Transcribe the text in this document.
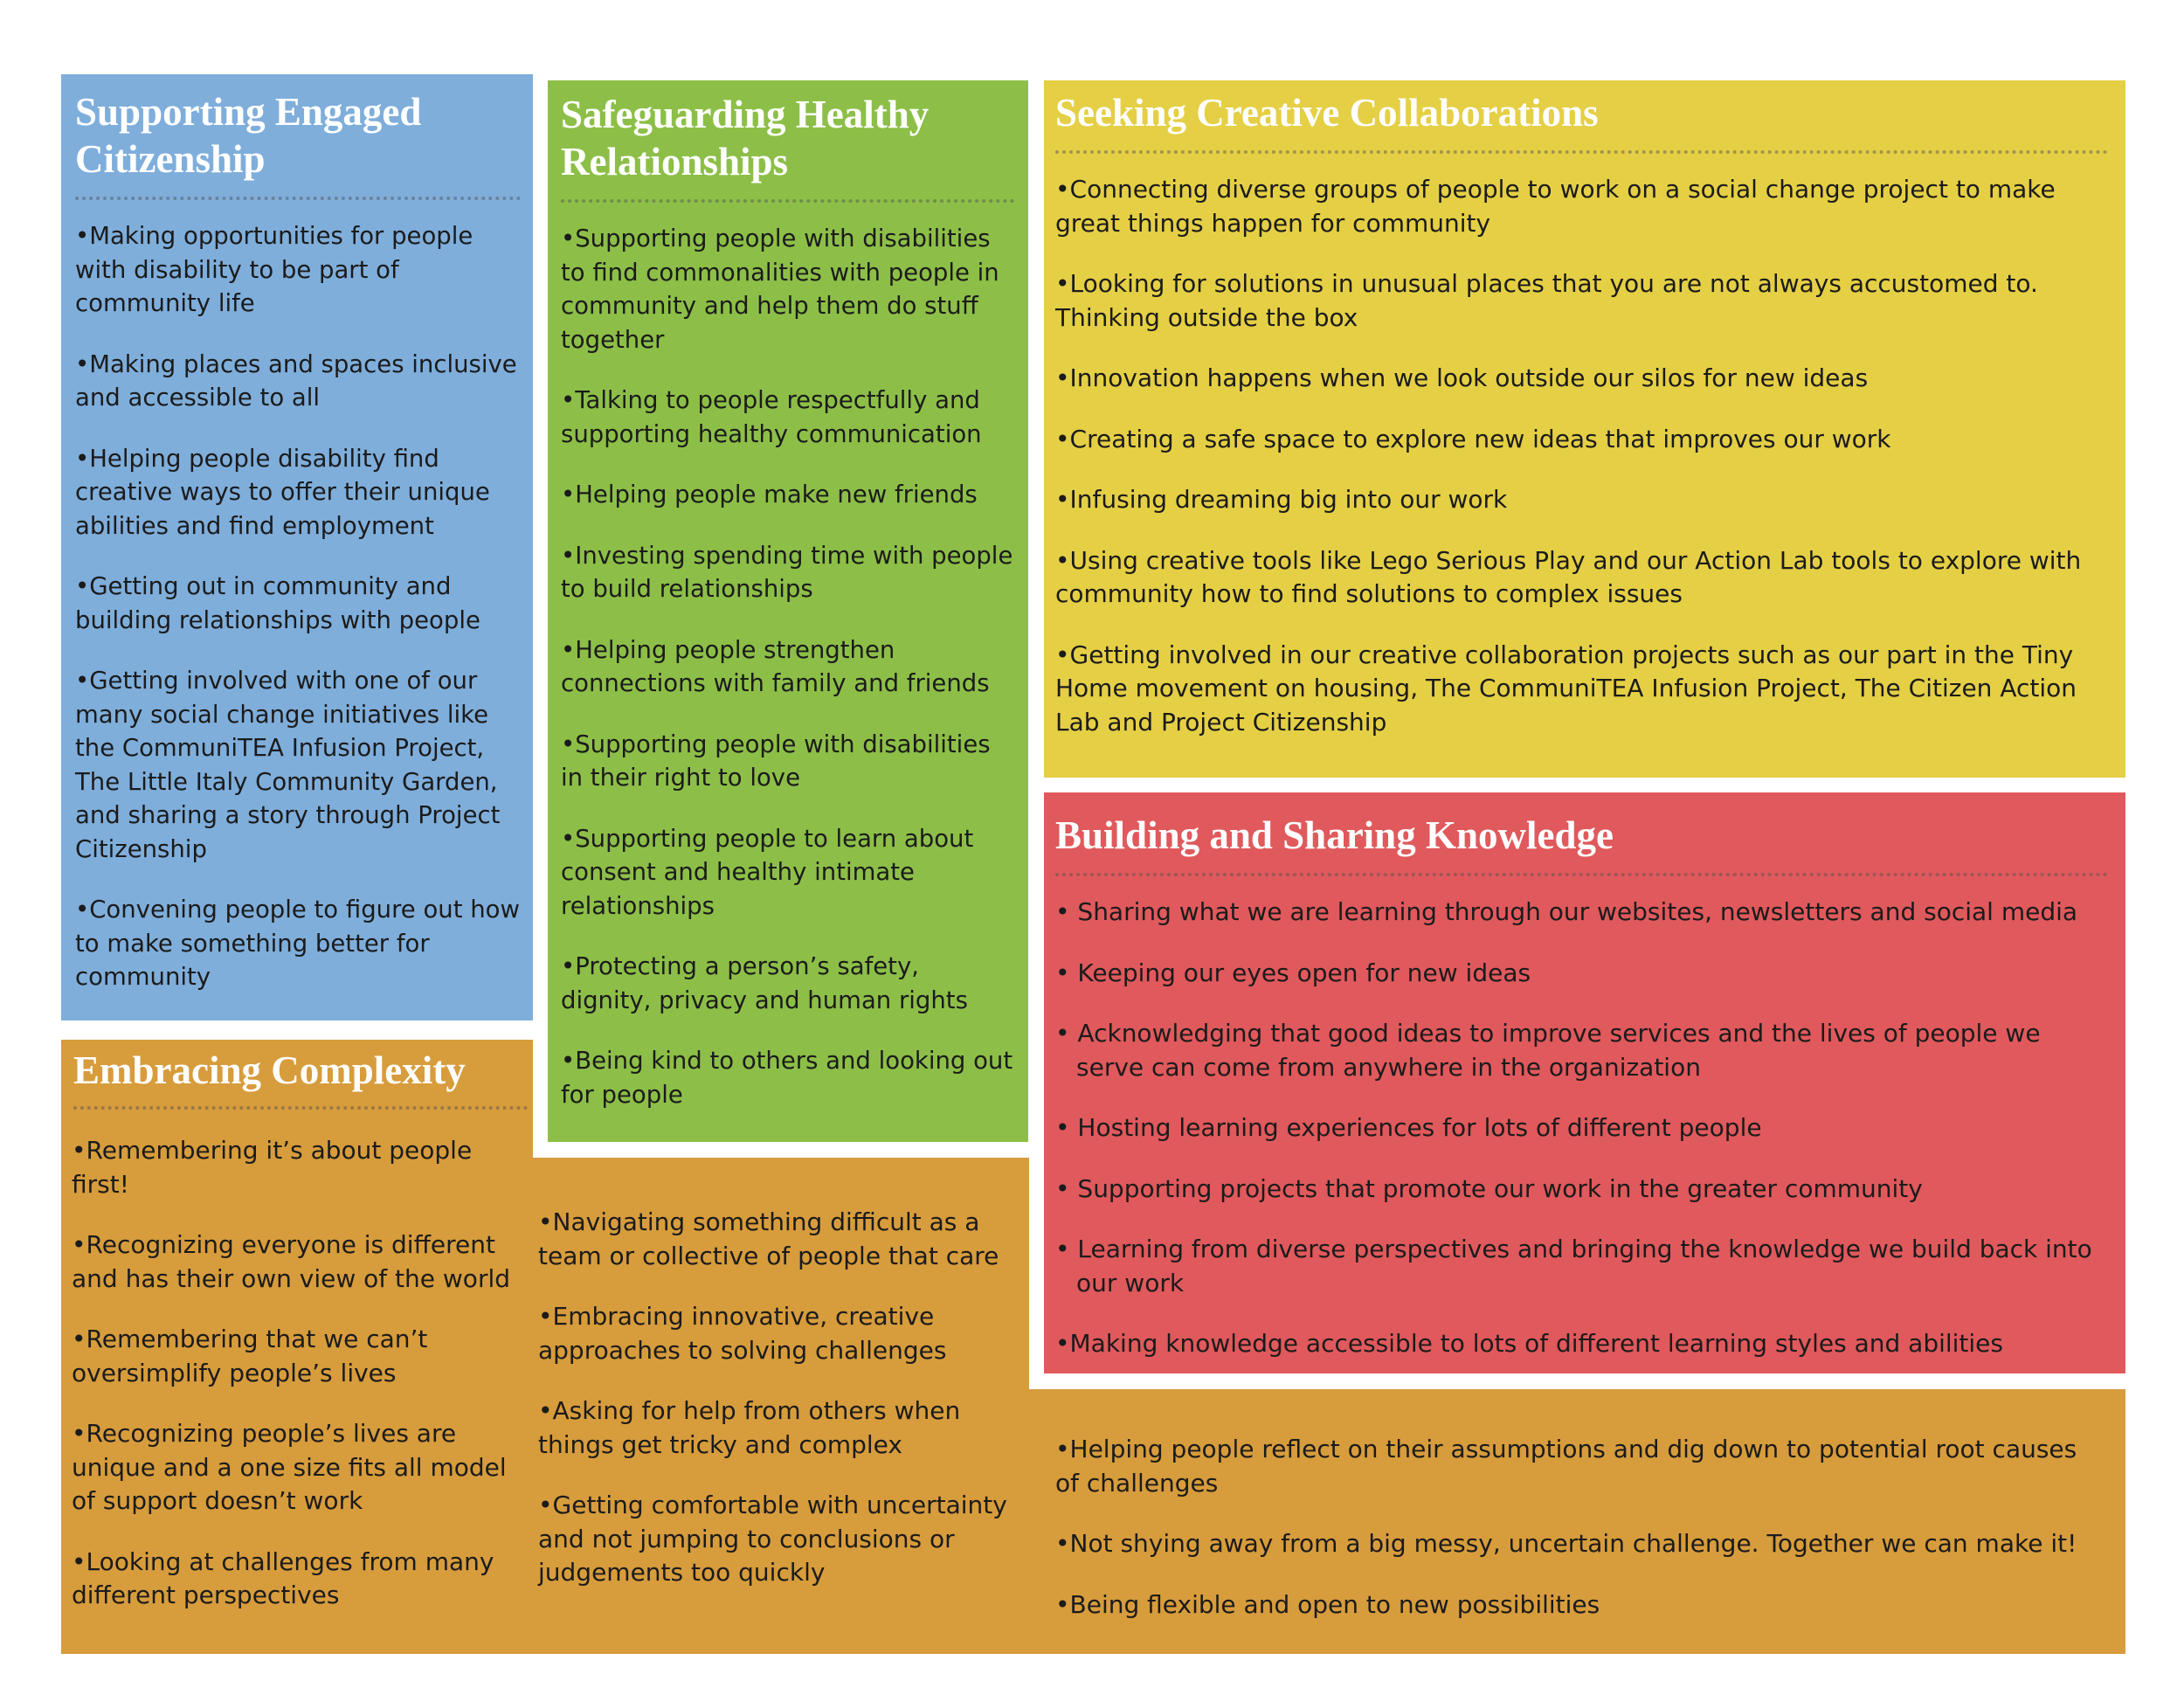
Supporting Engaged Citizenship
•Making opportunities for people with disability to be part of community life
•Making places and spaces inclusive and accessible to all
•Helping people disability find creative ways to offer their unique abilities and find employment
•Getting out in community and building relationships with people
•Getting involved with one of our many social change initiatives like the CommuniTEA Infusion Project, The Little Italy Community Garden, and sharing a story through Project Citizenship
•Convening people to figure out how to make something better for community
Safeguarding Healthy Relationships
•Supporting people with disabilities to find commonalities with people in community and help them do stuff together
•Talking to people respectfully and supporting healthy communication
•Helping people make new friends
•Investing spending time with people to build relationships
•Helping people strengthen connections with family and friends
•Supporting people with disabilities in their right to love
•Supporting people to learn about consent and healthy intimate relationships
•Protecting a person’s safety, dignity, privacy and human rights
•Being kind to others and looking out for people
Seeking Creative Collaborations
•Connecting diverse groups of people to work on a social change project to make great things happen for community
•Looking for solutions in unusual places that you are not always accustomed to. Thinking outside the box
•Innovation happens when we look outside our silos for new ideas
•Creating a safe space to explore new ideas that improves our work
•Infusing dreaming big into our work
•Using creative tools like Lego Serious Play and our Action Lab tools to explore with community how to find solutions to complex issues
•Getting involved in our creative collaboration projects such as our part in the Tiny Home movement on housing, The CommuniTEA Infusion Project, The Citizen Action Lab and Project Citizenship
Building and Sharing Knowledge
• Sharing what we are learning through our websites, newsletters and social media
• Keeping our eyes open for new ideas
• Acknowledging that good ideas to improve services and the lives of people we serve can come from anywhere in the organization
• Hosting learning experiences for lots of different people
• Supporting projects that promote our work in the greater community
• Learning from diverse perspectives and bringing the knowledge we build back into our work
•Making knowledge accessible to lots of different learning styles and abilities
Embracing Complexity
•Remembering it’s about people first!
•Recognizing everyone is different and has their own view of the world
•Remembering that we can’t oversimplify people’s lives
•Recognizing people’s lives are unique and a one size fits all model of support doesn’t work
•Looking at challenges from many different perspectives
•Navigating something difficult as a team or collective of people that care
•Embracing innovative, creative approaches to solving challenges
•Asking for help from others when things get tricky and complex
•Getting comfortable with uncertainty and not jumping to conclusions or judgements too quickly
•Helping people reflect on their assumptions and dig down to potential root causes of challenges
•Not shying away from a big messy, uncertain challenge. Together we can make it!
•Being flexible and open to new possibilities
